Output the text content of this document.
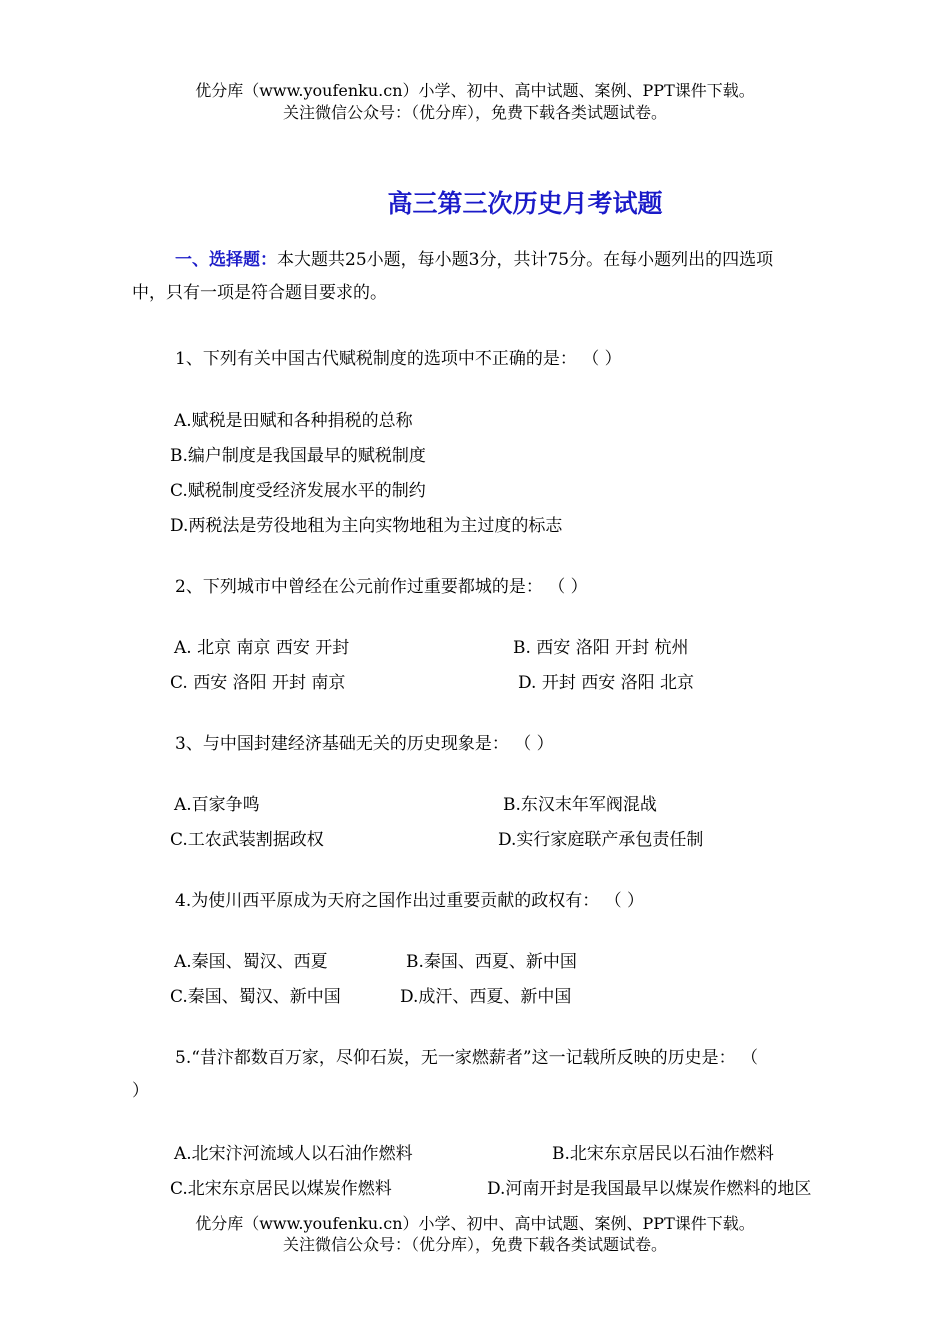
优分库（www.youfenku.cn）小学、初中、高中试题、案例、PPT课件下载。
关注微信公众号：（优分库），免费下载各类试题试卷。
高三第三次历史月考试题
一、选择题：本大题共25小题，每小题3分，共计75分。在每小题列出的四选项
中，只有一项是符合题目要求的。
1、下列有关中国古代赋税制度的选项中不正确的是： （ ）
A.赋税是田赋和各种捐税的总称
B.编户制度是我国最早的赋税制度
C.赋税制度受经济发展水平的制约
D.两税法是劳役地租为主向实物地租为主过度的标志
2、下列城市中曾经在公元前作过重要都城的是： （ ）
A. 北京 南京 西安 开封	B. 西安 洛阳 开封 杭州
C. 西安 洛阳 开封 南京	D. 开封 西安 洛阳 北京
3、与中国封建经济基础无关的历史现象是： （ ）
A.百家争鸣	B.东汉末年军阀混战
C.工农武装割据政权	D.实行家庭联产承包责任制
4.为使川西平原成为天府之国作出过重要贡献的政权有： （ ）
A.秦国、蜀汉、西夏	B.秦国、西夏、新中国
C.秦国、蜀汉、新中国	D.成汗、西夏、新中国
5.“昔汴都数百万家，尽仰石炭，无一家燃薪者”这一记载所反映的历史是： （
）
A.北宋汴河流域人以石油作燃料	B.北宋东京居民以石油作燃料
C.北宋东京居民以煤炭作燃料	D.河南开封是我国最早以煤炭作燃料的地区
优分库（www.youfenku.cn）小学、初中、高中试题、案例、PPT课件下载。
关注微信公众号：（优分库），免费下载各类试题试卷。
